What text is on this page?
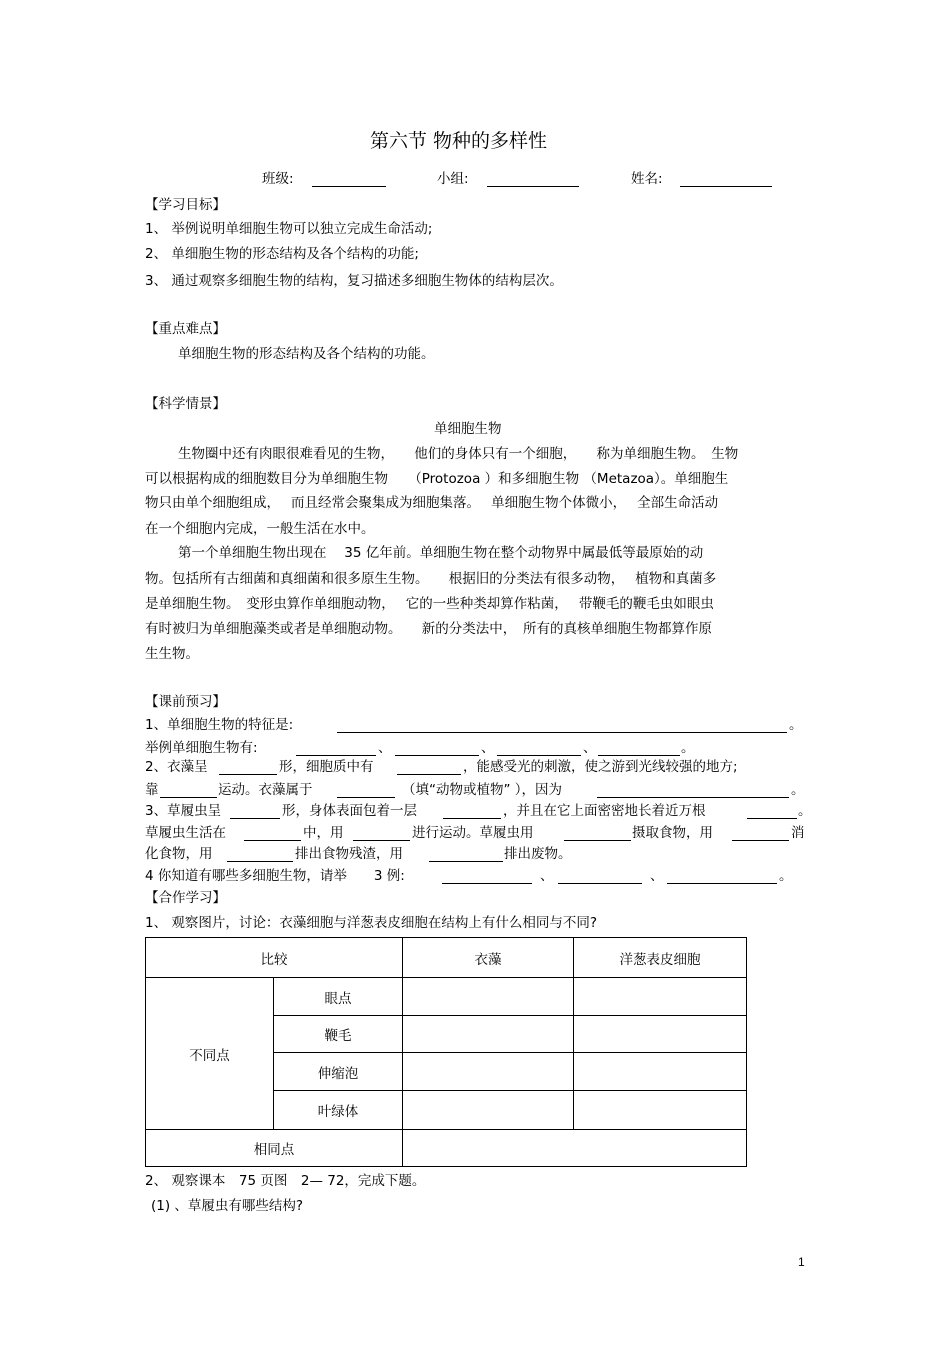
第六节 物种的多样性
班级:	小组:	姓名:
【学习目标】
1、 举例说明单细胞生物可以独立完成生命活动;
2、 单细胞生物的形态结构及各个结构的功能;
3、 通过观察多细胞生物的结构，复习描述多细胞生物体的结构层次。
【重点难点】
单细胞生物的形态结构及各个结构的功能。
【科学情景】
单细胞生物
生物圈中还有肉眼很难看见的生物，　　他们的身体只有一个细胞，　　称为单细胞生物。　生物
可以根据构成的细胞数目分为单细胞生物　　（Protozoa ）和多细胞生物 （Metazoa）。单细胞生
物只由单个细胞组成，　 而且经常会聚集成为细胞集落。　 单细胞生物个体微小，　 全部生命活动
在一个细胞内完成，一般生活在水中。
第一个单细胞生物出现在　 35 亿年前。单细胞生物在整个动物界中属最低等最原始的动
物。包括所有古细菌和真细菌和很多原生生物。　　根据旧的分类法有很多动物，　 植物和真菌多
是单细胞生物。　变形虫算作单细胞动物，　 它的一些种类却算作粘菌，　 带鞭毛的鞭毛虫如眼虫
有时被归为单细胞藻类或者是单细胞动物。　　新的分类法中，　所有的真核单细胞生物都算作原
生生物。
【课前预习】
1、单细胞生物的特征是:	。
举例单细胞生物有:	、	、	、	。
2、衣藻呈	形，细胞质中有	，能感受光的刺激，使之游到光线较强的地方;
靠	运动。衣藻属于	（填“动物或植物” ），因为	。
3、草履虫呈	形，身体表面包着一层	，并且在它上面密密地长着近万根	。
草履虫生活在	中，用	进行运动。草履虫用	摄取食物，用	消
化食物，用	排出食物残渣，用	排出废物。
4 你知道有哪些多细胞生物，请举　　3 例:	、	、	。
【合作学习】
1、 观察图片，讨论：衣藻细胞与洋葱表皮细胞在结构上有什么相同与不同?
比较		衣藻	洋葱表皮细胞
不同点	眼点		
	鞭毛		
	伸缩泡		
	叶绿体		
相同点			
2、 观察课本　75 页图　2— 72，完成下题。
(1) 、草履虫有哪些结构?
1
